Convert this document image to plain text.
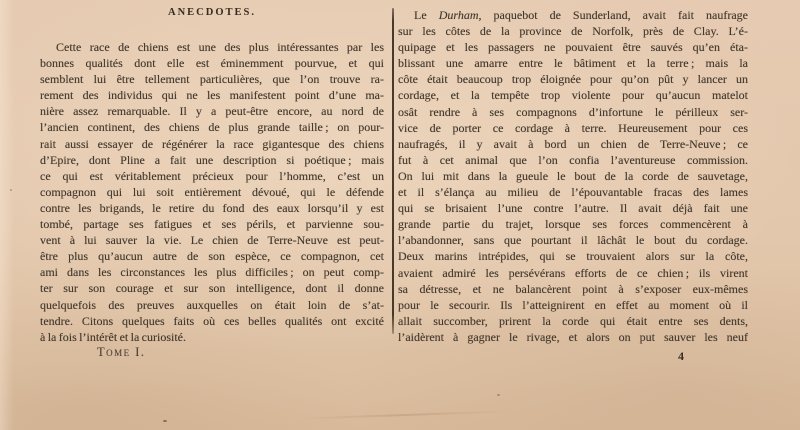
ANECDOTES.
Cette race de chiens est une des plus intéressantes par les
bonnes qualités dont elle est éminemment pourvue, et qui
semblent lui être tellement particulières, que l’on trouve ra-
rement des individus qui ne les manifestent point d’une ma-
nière assez remarquable. Il y a peut-être encore, au nord de
l’ancien continent, des chiens de plus grande taille ; on pour-
rait aussi essayer de régénérer la race gigantesque des chiens
d’Epire, dont Pline a fait une description si poétique ; mais
ce qui est véritablement précieux pour l’homme, c’est un
compagnon qui lui soit entièrement dévoué, qui le défende
contre les brigands, le retire du fond des eaux lorsqu’il y est
tombé, partage ses fatigues et ses périls, et parvienne sou-
vent à lui sauver la vie. Le chien de Terre-Neuve est peut-
être plus qu’aucun autre de son espèce, ce compagnon, cet
ami dans les circonstances les plus difficiles ; on peut comp-
ter sur son courage et sur son intelligence, dont il donne
quelquefois des preuves auxquelles on était loin de s’at-
tendre. Citons quelques faits où ces belles qualités ont excité
à la fois l’intérêt et la curiosité.
Le Durham, paquebot de Sunderland, avait fait naufrage
sur les côtes de la province de Norfolk, près de Clay. L’é-
quipage et les passagers ne pouvaient être sauvés qu’en éta-
blissant une amarre entre le bâtiment et la terre ; mais la
côte était beaucoup trop éloignée pour qu’on pût y lancer un
cordage, et la tempête trop violente pour qu’aucun matelot
osât rendre à ses compagnons d’infortune le périlleux ser-
vice de porter ce cordage à terre. Heureusement pour ces
naufragés, il y avait à bord un chien de Terre-Neuve ; ce
fut à cet animal que l’on confia l’aventureuse commission.
On lui mit dans la gueule le bout de la corde de sauvetage,
et il s’élança au milieu de l’épouvantable fracas des lames
qui se brisaient l’une contre l’autre. Il avait déjà fait une
grande partie du trajet, lorsque ses forces commencèrent à
l’abandonner, sans que pourtant il lâchât le bout du cordage.
Deux marins intrépides, qui se trouvaient alors sur la côte,
avaient admiré les persévérans efforts de ce chien ; ils virent
sa détresse, et ne balancèrent point à s’exposer eux-mêmes
pour le secourir. Ils l’atteignirent en effet au moment où il
allait succomber, prirent la corde qui était entre ses dents,
l’aidèrent à gagner le rivage, et alors on put sauver les neuf
Tome I.	4
